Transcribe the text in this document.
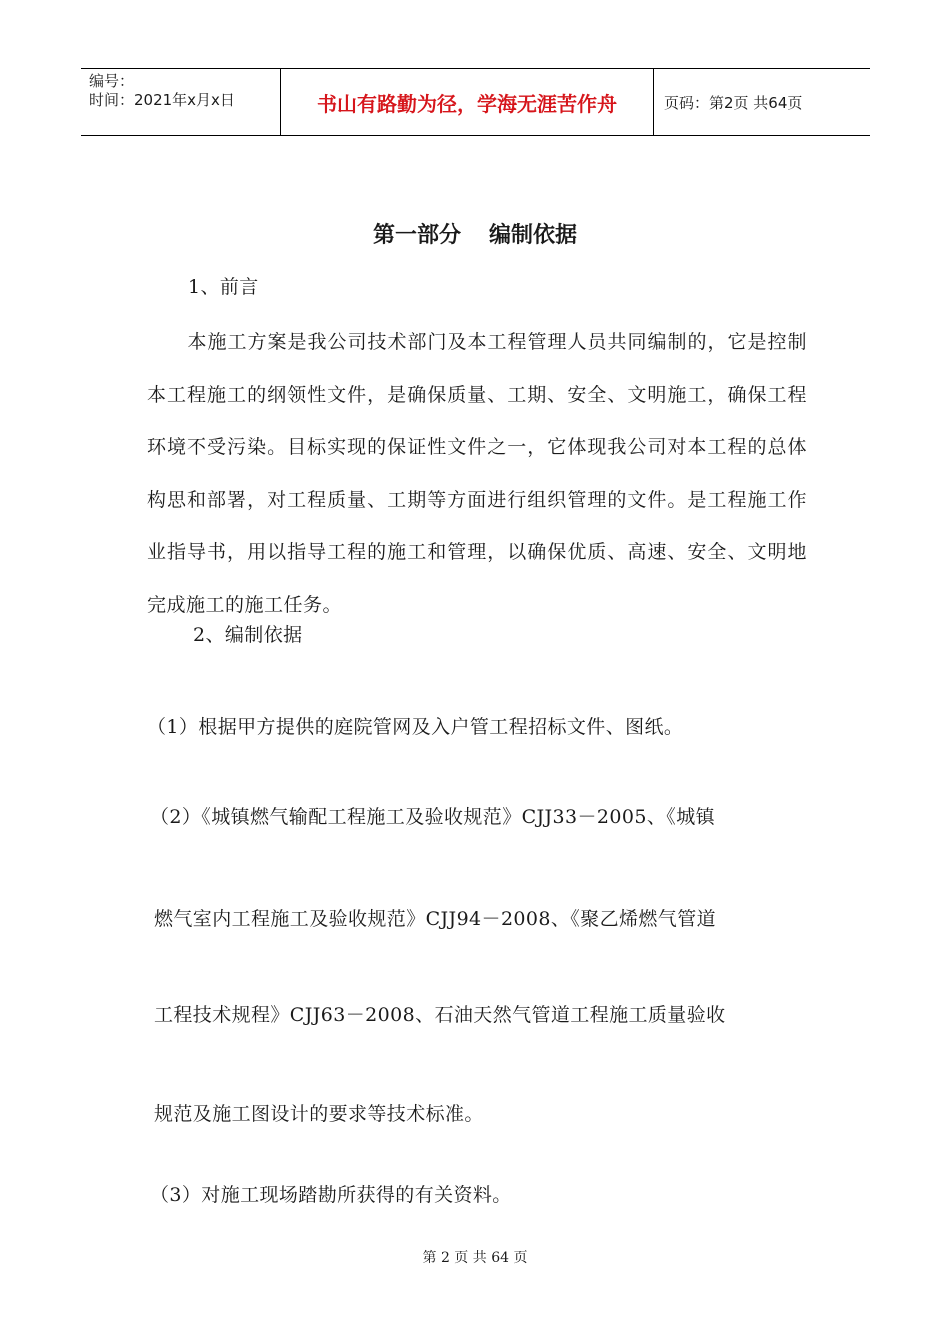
编号：
时间：2021年x月x日	书山有路勤为径，学海无涯苦作舟	页码：第2页 共64页
第一部分 编制依据
1、前言
本施工方案是我公司技术部门及本工程管理人员共同编制的，它是控制本工程施工的纲领性文件，是确保质量、工期、安全、文明施工，确保工程环境不受污染。目标实现的保证性文件之一，它体现我公司对本工程的总体构思和部署，对工程质量、工期等方面进行组织管理的文件。是工程施工作业指导书，用以指导工程的施工和管理，以确保优质、高速、安全、文明地完成施工的施工任务。
2、编制依据
（1）根据甲方提供的庭院管网及入户管工程招标文件、图纸。
（2）《城镇燃气输配工程施工及验收规范》CJJ33－2005、《城镇
燃气室内工程施工及验收规范》CJJ94－2008、《聚乙烯燃气管道
工程技术规程》CJJ63－2008、石油天然气管道工程施工质量验收
规范及施工图设计的要求等技术标准。
（3）对施工现场踏勘所获得的有关资料。
第 2 页 共 64 页
